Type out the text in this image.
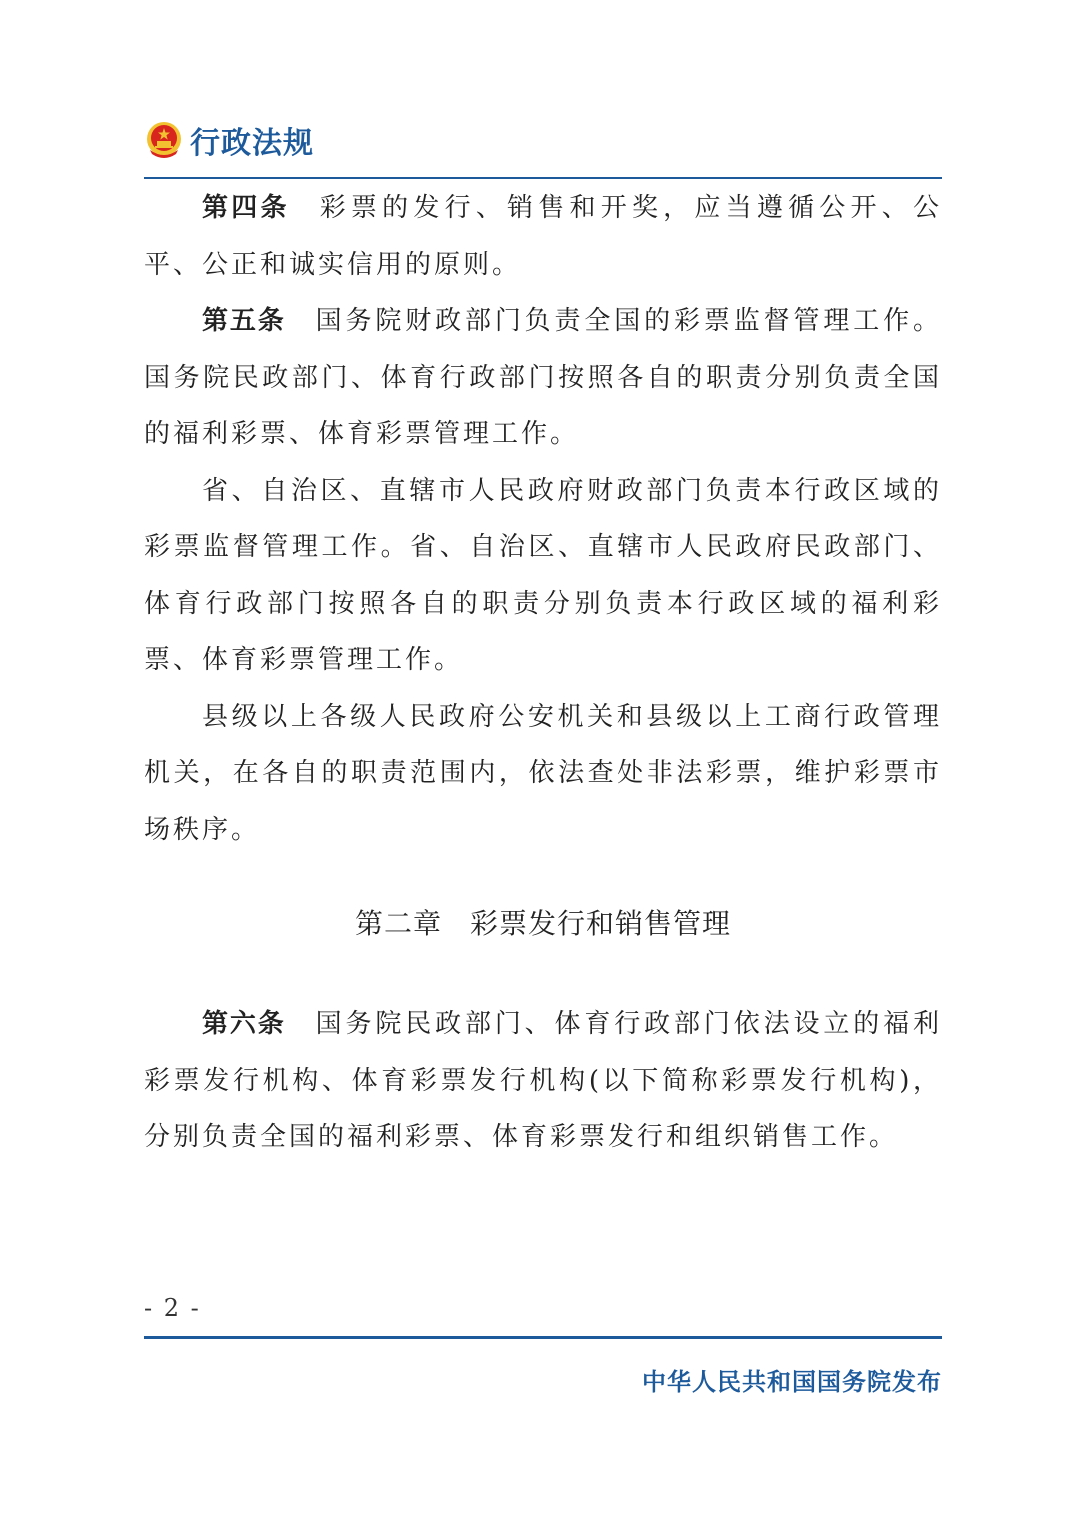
行政法规

第四条 彩票的发行、销售和开奖，应当遵循公开、公平、公正和诚实信用的原则。

第五条 国务院财政部门负责全国的彩票监督管理工作。国务院民政部门、体育行政部门按照各自的职责分别负责全国的福利彩票、体育彩票管理工作。

省、自治区、直辖市人民政府财政部门负责本行政区域的彩票监督管理工作。省、自治区、直辖市人民政府民政部门、体育行政部门按照各自的职责分别负责本行政区域的福利彩票、体育彩票管理工作。

县级以上各级人民政府公安机关和县级以上工商行政管理机关，在各自的职责范围内，依法查处非法彩票，维护彩票市场秩序。

第二章 彩票发行和销售管理

第六条 国务院民政部门、体育行政部门依法设立的福利彩票发行机构、体育彩票发行机构(以下简称彩票发行机构)，分别负责全国的福利彩票、体育彩票发行和组织销售工作。

- 2 -
中华人民共和国国务院发布
